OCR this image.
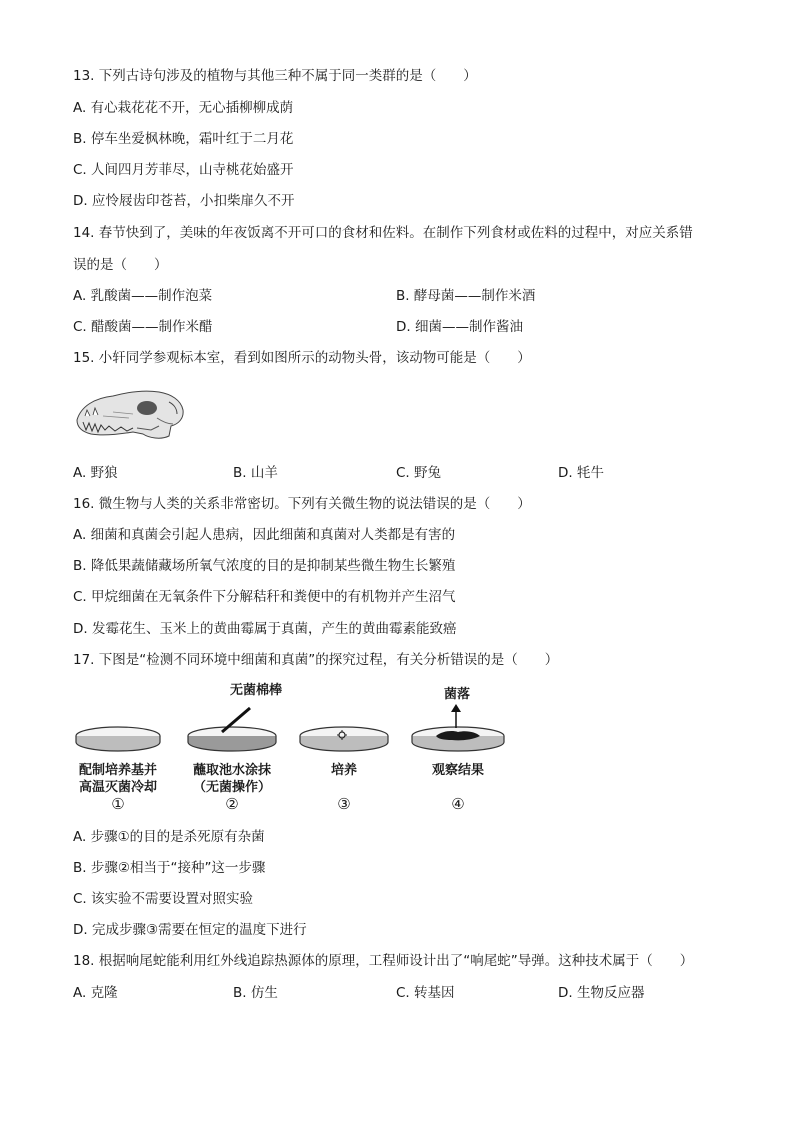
13. 下列古诗句涉及的植物与其他三种不属于同一类群的是（　　）
A. 有心栽花花不开，无心插柳柳成荫
B. 停车坐爱枫林晚，霜叶红于二月花
C. 人间四月芳菲尽，山寺桃花始盛开
D. 应怜屐齿印苍苔，小扣柴扉久不开
14. 春节快到了，美味的年夜饭离不开可口的食材和佐料。在制作下列食材或佐料的过程中，对应关系错
误的是（　　）
A. 乳酸菌——制作泡菜	B. 酵母菌——制作米酒
C. 醋酸菌——制作米醋	D. 细菌——制作酱油
15. 小轩同学参观标本室，看到如图所示的动物头骨，该动物可能是（　　）
A. 野狼	B. 山羊	C. 野兔	D. 牦牛
16. 微生物与人类的关系非常密切。下列有关微生物的说法错误的是（　　）
A. 细菌和真菌会引起人患病，因此细菌和真菌对人类都是有害的
B. 降低果蔬储藏场所氧气浓度的目的是抑制某些微生物生长繁殖
C. 甲烷细菌在无氧条件下分解秸秆和粪便中的有机物并产生沼气
D. 发霉花生、玉米上的黄曲霉属于真菌，产生的黄曲霉素能致癌
17. 下图是“检测不同环境中细菌和真菌”的探究过程，有关分析错误的是（　　）
无菌棉棒	菌落
配制培养基并
高温灭菌冷却
①
蘸取池水涂抹
（无菌操作）
②
培养
③
观察结果
④
A. 步骤①的目的是杀死原有杂菌
B. 步骤②相当于“接种”这一步骤
C. 该实验不需要设置对照实验
D. 完成步骤③需要在恒定的温度下进行
18. 根据响尾蛇能利用红外线追踪热源体的原理，工程师设计出了“响尾蛇”导弹。这种技术属于（　　）
A. 克隆	B. 仿生	C. 转基因	D. 生物反应器
